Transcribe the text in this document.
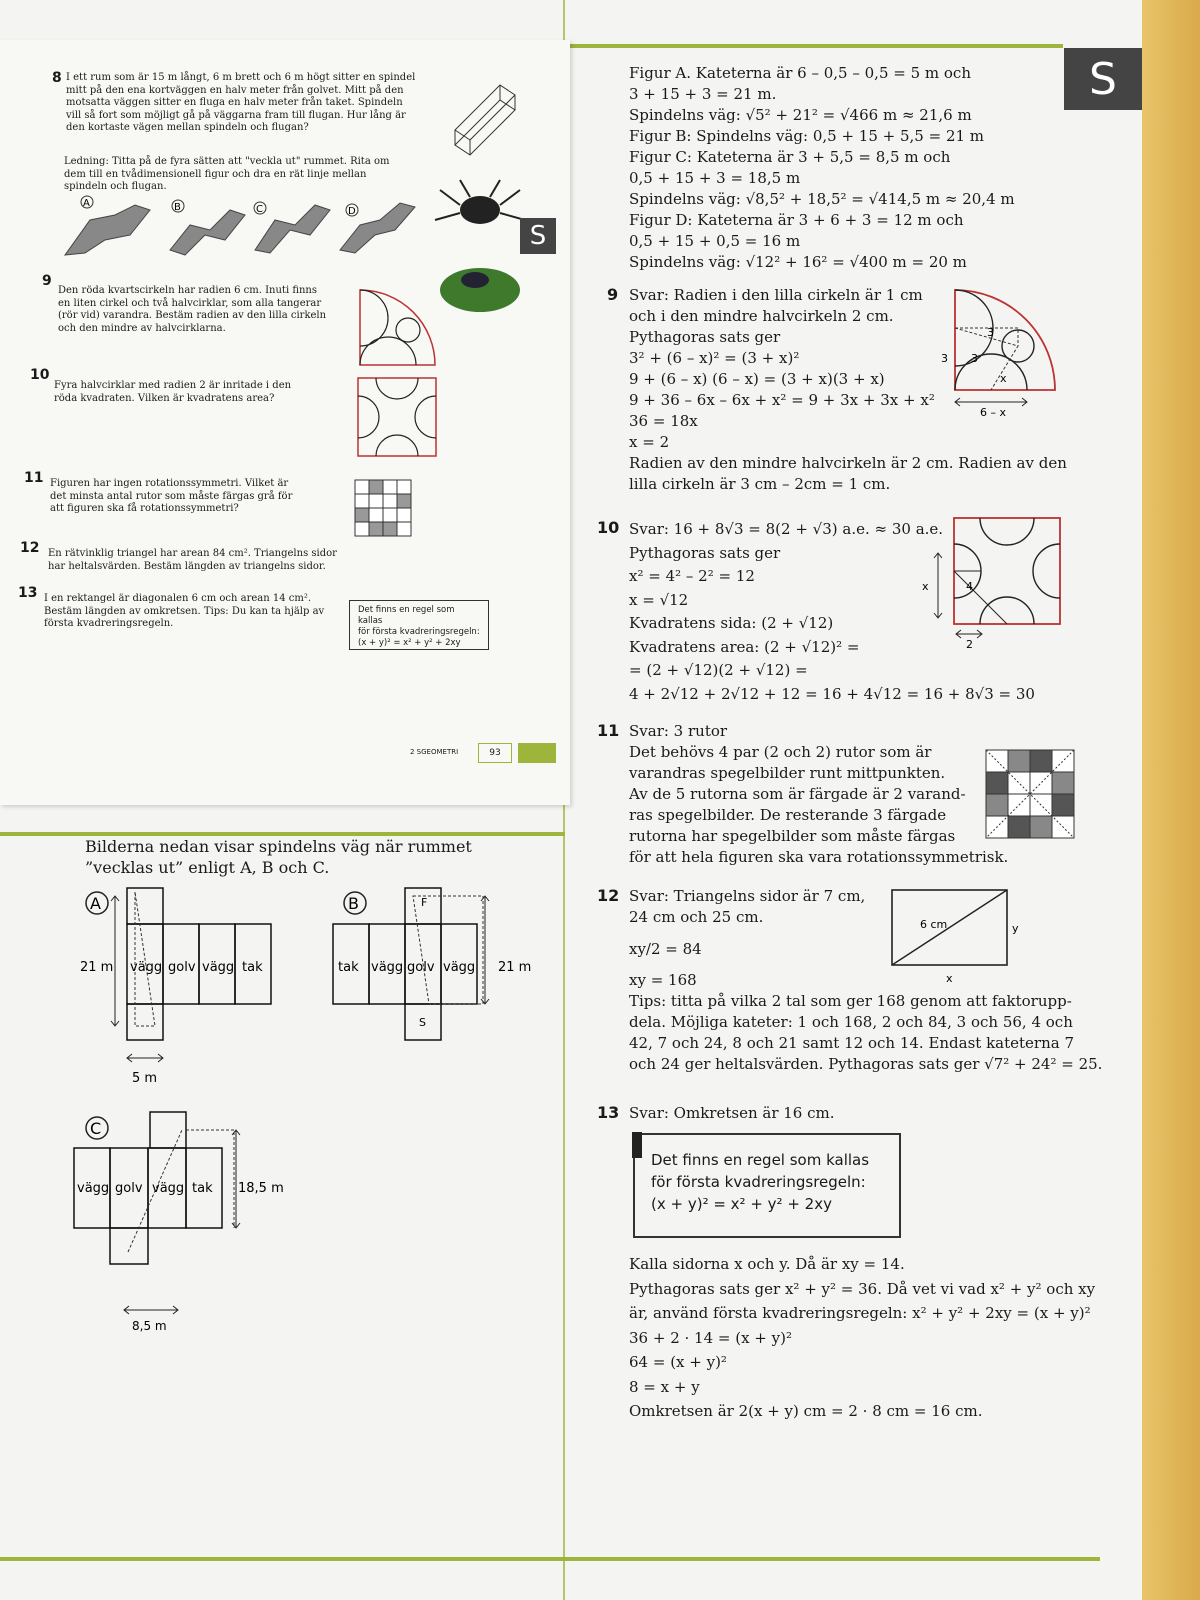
8 I ett rum som är 15 m långt, 6 m brett och 6 m högt sitter en spindel mitt på den ena kortväggen en halv meter från golvet. Mitt på den motsatta väggen sitter en fluga en halv meter från taket. Spindeln vill så fort som möjligt gå på väggarna fram till flugan. Hur lång är den kortaste vägen mellan spindeln och flugan?
Ledning: Titta på de fyra sätten att "veckla ut" rummet. Rita om dem till en tvådimensionell figur och dra en rät linje mellan spindeln och flugan.
A	B	C	D
S
9
Den röda kvartscirkeln har radien 6 cm. Inuti finns en liten cirkel och två halvcirklar, som alla tangerar (rör vid) varandra. Bestäm radien av den lilla cirkeln och den mindre av halvcirklarna.
10
Fyra halvcirklar med radien 2 är inritade i den röda kvadraten. Vilken är kvadratens area?
11 Figuren har ingen rotationssymmetri. Vilket är det minsta antal rutor som måste färgas grå för att figuren ska få rotationssymmetri?
12 En rätvinklig triangel har arean 84 cm². Triangelns sidor har heltalsvärden. Bestäm längden av triangelns sidor.
13 I en rektangel är diagonalen 6 cm och arean 14 cm². Bestäm längden av omkretsen. Tips: Du kan ta hjälp av första kvadreringsregeln.
Det finns en regel som kallas
för första kvadreringsregeln:
(x + y)² = x² + y² + 2xy
2 SGEOMETRI	93
Bilderna nedan visar spindelns väg när rummet ”vecklas ut” enligt A, B och C.
A
21 m vägg golv vägg tak
5 m
B
tak vägg golv vägg 21 m
F
S
C
vägg golv vägg tak 18,5 m
8,5 m
S
Figur A. Kateterna är 6 – 0,5 – 0,5 = 5 m och
3 + 15 + 3 = 21 m.
Spindelns väg: √5² + 21² = √466 m ≈ 21,6 m
Figur B: Spindelns väg: 0,5 + 15 + 5,5 = 21 m
Figur C: Kateterna är 3 + 5,5 = 8,5 m och
0,5 + 15 + 3 = 18,5 m
Spindelns väg: √8,5² + 18,5² = √414,5 m ≈ 20,4 m
Figur D: Kateterna är 3 + 6 + 3 = 12 m och
0,5 + 15 + 0,5 = 16 m
Spindelns väg: √12² + 16² = √400 m = 20 m
9 Svar: Radien i den lilla cirkeln är 1 cm
och i den mindre halvcirkeln 2 cm.
Pythagoras sats ger
3² + (6 – x)² = (3 + x)²
9 + (6 – x) (6 – x) = (3 + x)(3 + x)
9 + 36 – 6x – 6x + x² = 9 + 3x + 3x + x²
36 = 18x
x = 2
Radien av den mindre halvcirkeln är 2 cm. Radien av den
lilla cirkeln är 3 cm – 2cm = 1 cm.
3
3 3
x
6 – x
10 Svar: 16 + 8√3 = 8(2 + √3) a.e. ≈ 30 a.e.
Pythagoras sats ger
x² = 4² – 2² = 12
x = √12
Kvadratens sida: (2 + √12)
Kvadratens area: (2 + √12)² =
= (2 + √12)(2 + √12) =
4 + 2√12 + 2√12 + 12 = 16 + 4√12 = 16 + 8√3 = 30
x	4
2
11 Svar: 3 rutor
Det behövs 4 par (2 och 2) rutor som är
varandras spegelbilder runt mittpunkten.
Av de 5 rutorna som är färgade är 2 varand-
ras spegelbilder. De resterande 3 färgade
rutorna har spegelbilder som måste färgas
för att hela figuren ska vara rotationssymmetrisk.
12 Svar: Triangelns sidor är 7 cm,
24 cm och 25 cm.
xy/2 = 84
xy = 168
Tips: titta på vilka 2 tal som ger 168 genom att faktorupp-
dela. Möjliga kateter: 1 och 168, 2 och 84, 3 och 56, 4 och
42, 7 och 24, 8 och 21 samt 12 och 14. Endast kateterna 7
och 24 ger heltalsvärden. Pythagoras sats ger √7² + 24² = 25.
6 cm	y
x
13 Svar: Omkretsen är 16 cm.
Det finns en regel som kallas
för första kvadreringsregeln:
(x + y)² = x² + y² + 2xy
Kalla sidorna x och y. Då är xy = 14.
Pythagoras sats ger x² + y² = 36. Då vet vi vad x² + y² och xy
är, använd första kvadreringsregeln: x² + y² + 2xy = (x + y)²
36 + 2 · 14 = (x + y)²
64 = (x + y)²
8 = x + y
Omkretsen är 2(x + y) cm = 2 · 8 cm = 16 cm.
